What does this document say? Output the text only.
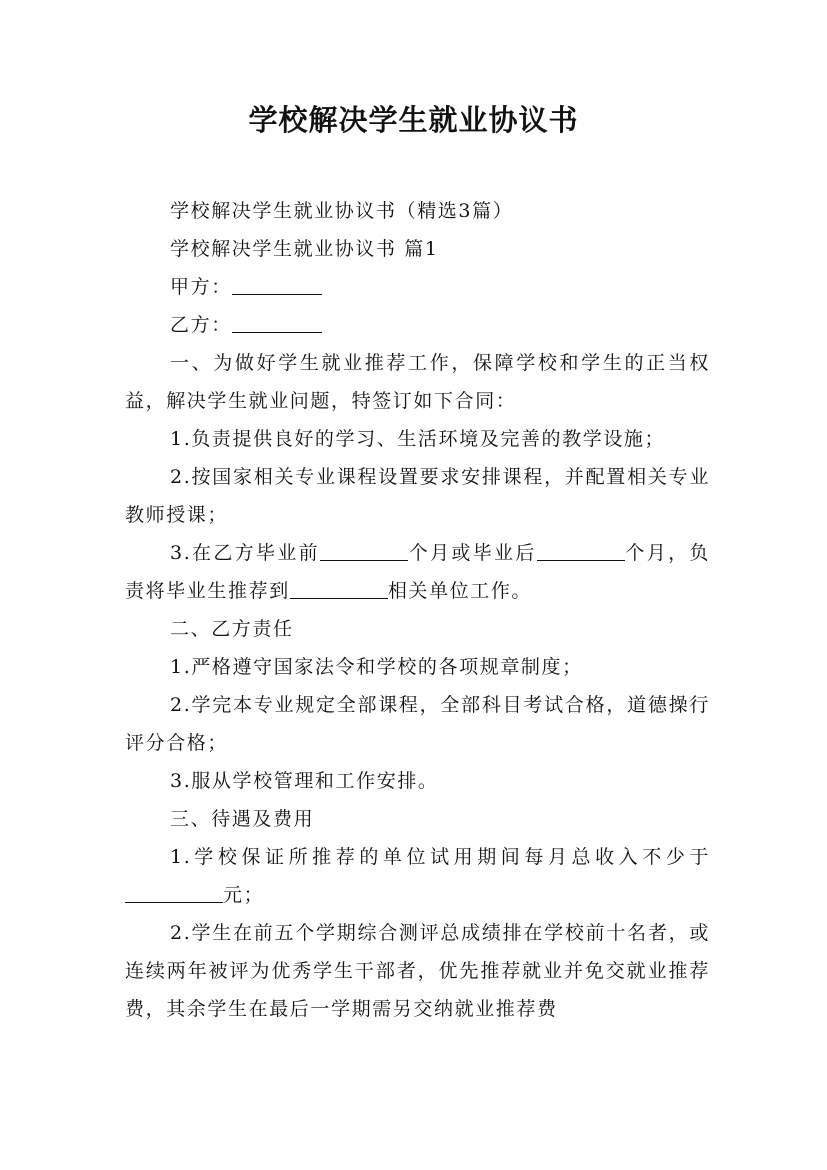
学校解决学生就业协议书

学校解决学生就业协议书（精选3篇）

学校解决学生就业协议书 篇1

甲方：

乙方：

一、为做好学生就业推荐工作，保障学校和学生的正当权益，解决学生就业问题，特签订如下合同：

1.负责提供良好的学习、生活环境及完善的教学设施；

2.按国家相关专业课程设置要求安排课程，并配置相关专业教师授课；

3.在乙方毕业前	个月或毕业后	个月，负责将毕业生推荐到	相关单位工作。

二、乙方责任

1.严格遵守国家法令和学校的各项规章制度；

2.学完本专业规定全部课程，全部科目考试合格，道德操行评分合格；

3.服从学校管理和工作安排。

三、待遇及费用

1.学校保证所推荐的单位试用期间每月总收入不少于元；

2.学生在前五个学期综合测评总成绩排在学校前十名者，或连续两年被评为优秀学生干部者，优先推荐就业并免交就业推荐费，其余学生在最后一学期需另交纳就业推荐费
